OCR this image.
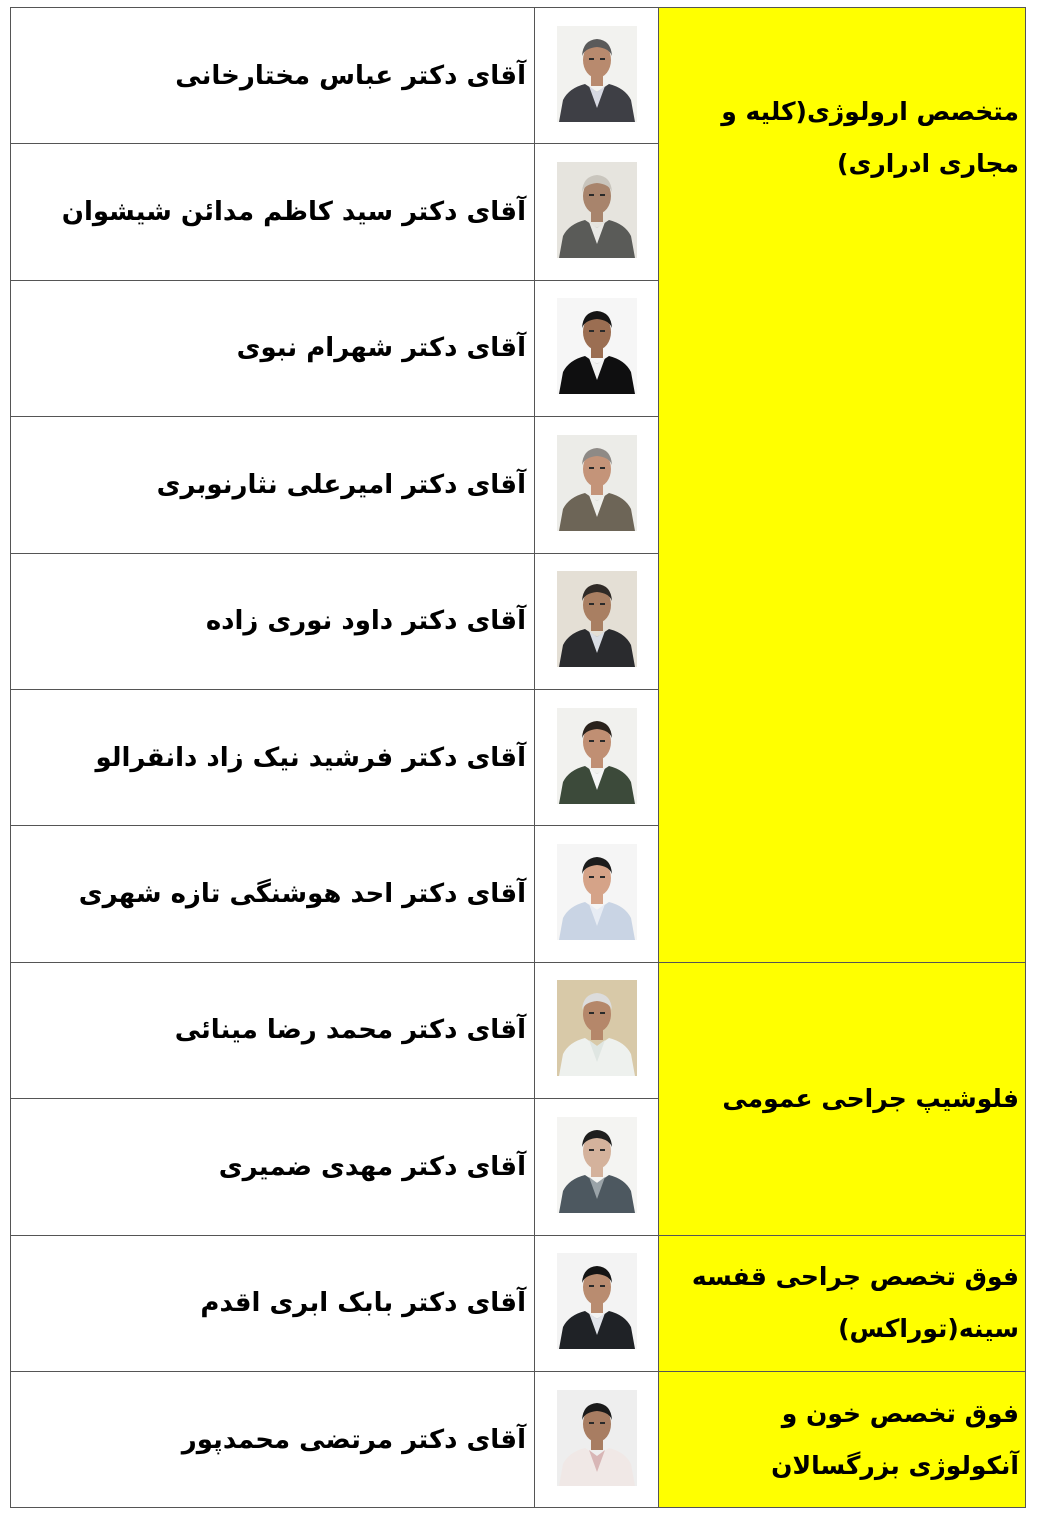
متخصص ارولوژی(کلیه و مجاری ادراری)		آقای دکتر عباس مختارخانی

	آقای دکتر سید کاظم مدائن شیشوان

	آقای دکتر شهرام نبوی

	آقای دکتر امیرعلی نثارنوبری

	آقای دکتر داود نوری زاده

	آقای دکتر فرشید نیک زاد دانقرالو

	آقای دکتر احد هوشنگی تازه شهری

فلوشیپ جراحی عمومی		آقای دکتر محمد رضا مینائی

	آقای دکتر مهدی ضمیری

فوق تخصص جراحی قفسه سینه(توراکس)		آقای دکتر بابک ابری اقدم

فوق تخصص خون و آنکولوژی بزرگسالان		آقای دکتر مرتضی محمدپور
